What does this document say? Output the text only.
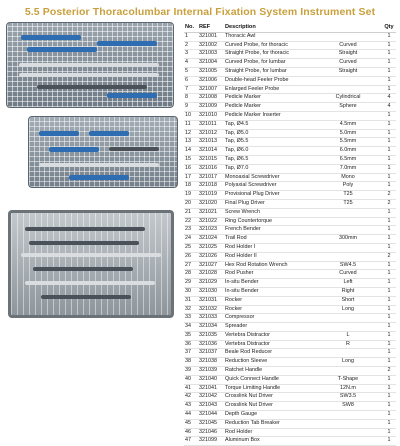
5.5 Posterior Thoracolumbar Internal Fixation System Instrument Set
No.	REF	Description		Qty
1	321001	Thoracic Awl		1
2	321002	Curved Probe, for thoracic	Curved	1
3	321003	Straight Probe, for thoracic	Straight	1
4	321004	Curved Probe, for lumbar	Curved	1
5	321005	Straight Probe, for lumbar	Straight	1
6	321006	Double-head Feeler Probe		1
7	321007	Enlarged Feeler Probe		1
8	321008	Pedicle Marker	Cylindrical	4
9	321009	Pedicle Marker	Sphere	4
10	321010	Pedicle Marker Inserter		1
11	321011	Tap, Ø4.5	4.5mm	1
12	321012	Tap, Ø5.0	5.0mm	1
13	321013	Tap, Ø5.5	5.5mm	1
14	321014	Tap, Ø6.0	6.0mm	1
15	321015	Tap, Ø6.5	6.5mm	1
16	321016	Tap, Ø7.0	7.0mm	1
17	321017	Monoaxial Screwdriver	Mono	1
18	321018	Polyaxial Screwdriver	Poly	1
19	321019	Provisional Plug Driver	T25	2
20	321020	Final Plug Driver	T25	2
21	321021	Screw Wrench		1
22	321022	Ring Countertorque		1
23	321023	French Bender		1
24	321024	Trail Rod	300mm	1
25	321025	Rod Holder I		1
26	321026	Rod Holder II		2
27	321027	Hex Rod Rotation Wrench	SW4.5	1
28	321028	Rod Pusher	Curved	1
29	321029	In-situ Bender	Left	1
30	321030	In-situ Bender	Right	1
31	321031	Rocker	Short	1
32	321032	Rocker	Long	1
33	321033	Compressor		1
34	321034	Spreader		1
35	321035	Vertebra Distractor	L	1
36	321036	Vertebra Distractor	R	1
37	321037	Beale Rod Reducer		1
38	321038	Reduction Sleeve	Long	1
39	321039	Ratchet Handle		2
40	321040	Quick Connect Handle	T-Shape	1
41	321041	Torque Limiting Handle	12N.m	1
42	321042	Crosslink Nut Driver	SW3.5	1
43	321043	Crosslink Nut Driver	SW8	1
44	321044	Depth Gauge		1
45	321045	Reduction Tab Breaker		1
46	321046	Rod Holder		1
47	321099	Aluminum Box		1
